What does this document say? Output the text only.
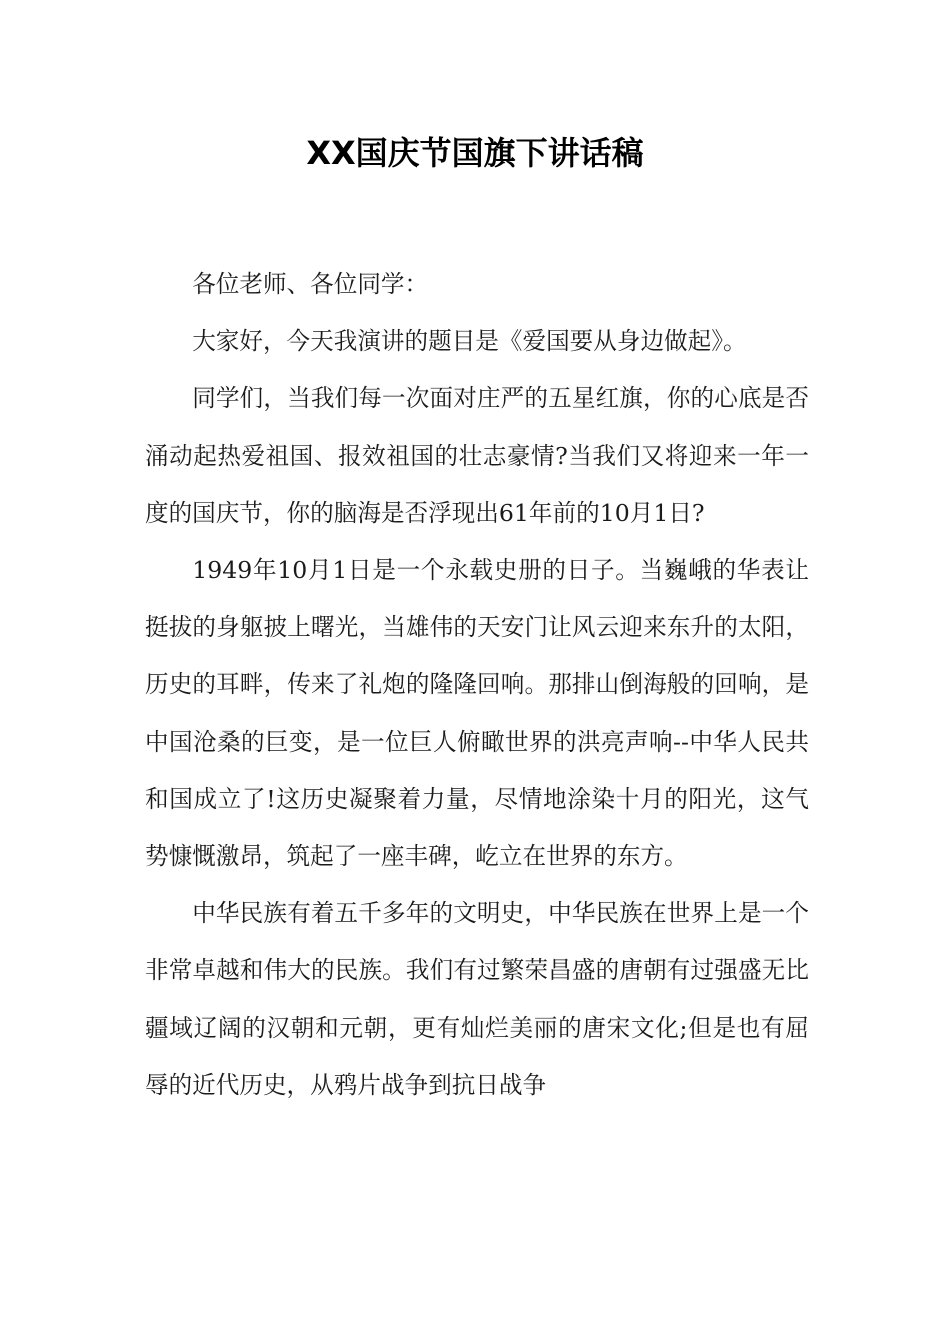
XX国庆节国旗下讲话稿

各位老师、各位同学：

大家好，今天我演讲的题目是《爱国要从身边做起》。

同学们，当我们每一次面对庄严的五星红旗，你的心底是否涌动起热爱祖国、报效祖国的壮志豪情?当我们又将迎来一年一度的国庆节，你的脑海是否浮现出61年前的10月1日?

1949年10月1日是一个永载史册的日子。当巍峨的华表让挺拔的身躯披上曙光，当雄伟的天安门让风云迎来东升的太阳，历史的耳畔，传来了礼炮的隆隆回响。那排山倒海般的回响，是中国沧桑的巨变，是一位巨人俯瞰世界的洪亮声响--中华人民共和国成立了!这历史凝聚着力量，尽情地涂染十月的阳光，这气势慷慨激昂，筑起了一座丰碑，屹立在世界的东方。

中华民族有着五千多年的文明史，中华民族在世界上是一个非常卓越和伟大的民族。我们有过繁荣昌盛的唐朝有过强盛无比疆域辽阔的汉朝和元朝，更有灿烂美丽的唐宋文化;但是也有屈辱的近代历史，从鸦片战争到抗日战争
